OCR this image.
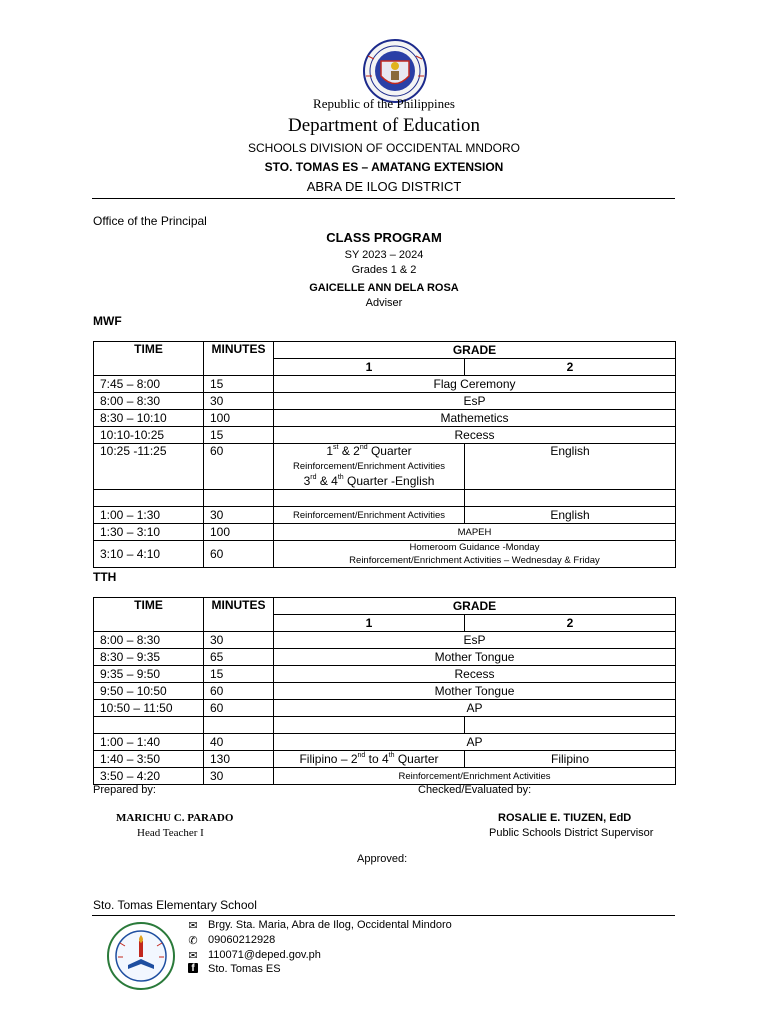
Republic of the Philippines
Department of Education
SCHOOLS DIVISION OF OCCIDENTAL MNDORO
STO. TOMAS ES – AMATANG EXTENSION
ABRA DE ILOG DISTRICT
Office of the Principal
CLASS PROGRAM
SY 2023 – 2024
Grades 1 & 2
GAICELLE ANN DELA ROSA
Adviser
MWF
TIME	MINUTES	GRADE	
		1	2
7:45 – 8:00	15	Flag Ceremony	
8:00 – 8:30	30	EsP	
8:30 – 10:10	100	Mathemetics	
10:10-10:25	15	Recess	
10:25 -11:25	60	1st & 2nd Quarter
Reinforcement/Enrichment Activities
3rd & 4th Quarter -English	English

1:00 – 1:30	30	Reinforcement/Enrichment Activities	English
1:30 – 3:10	100	MAPEH	
3:10 – 4:10	60	Homeroom Guidance -Monday
Reinforcement/Enrichment Activities – Wednesday & Friday	
TTH
TIME	MINUTES	GRADE	
		1	2
8:00 – 8:30	30	EsP	
8:30 – 9:35	65	Mother Tongue	
9:35 – 9:50	15	Recess	
9:50 – 10:50	60	Mother Tongue	
10:50 – 11:50	60	AP	

1:00 – 1:40	40	AP	
1:40 – 3:50	130	Filipino – 2nd to 4th Quarter	Filipino
3:50 – 4:20	30	Reinforcement/Enrichment Activities	
Prepared by:	Checked/Evaluated by:
MARICHU C. PARADO
Head Teacher I
ROSALIE E. TIUZEN, EdD
Public Schools District Supervisor
Approved:
Sto. Tomas Elementary School
✉ Brgy. Sta. Maria, Abra de Ilog, Occidental Mindoro
✆ 09060212928
✉ 110071@deped.gov.ph
f	Sto. Tomas ES
